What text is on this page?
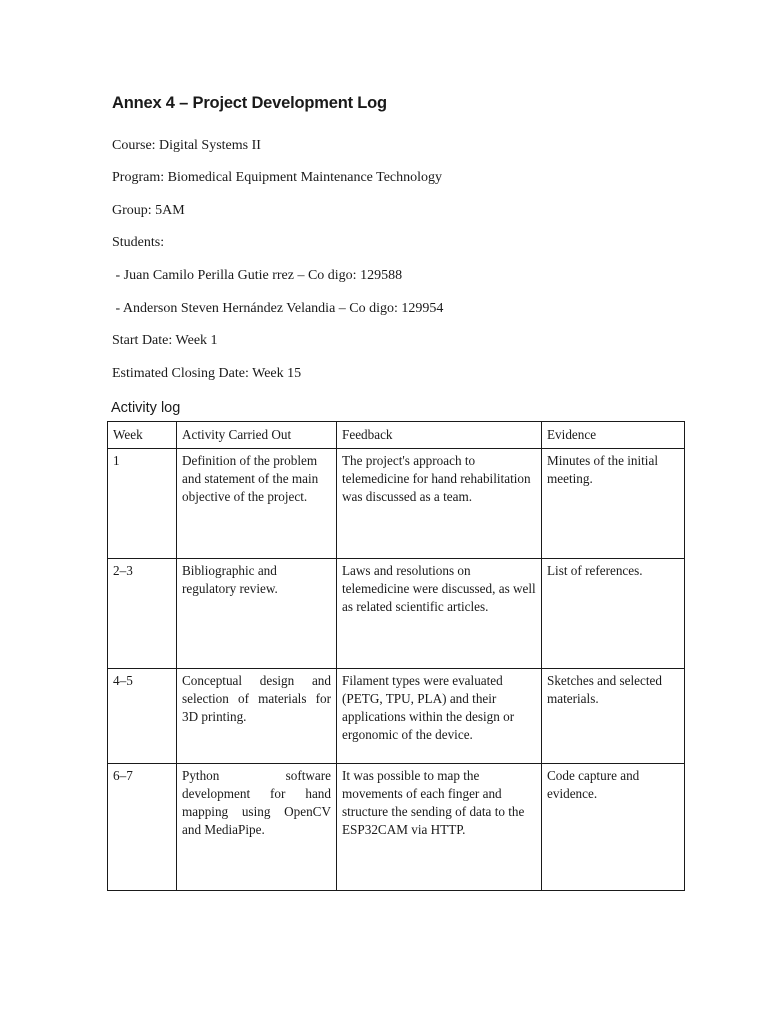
Annex 4 – Project Development Log
Course: Digital Systems II
Program: Biomedical Equipment Maintenance Technology
Group: 5AM
Students:
- Juan Camilo Perilla Gutie rrez – Co digo: 129588
- Anderson Steven Hernández Velandia – Co digo: 129954
Start Date: Week 1
Estimated Closing Date: Week 15
Activity log
Week	Activity Carried Out	Feedback	Evidence
1	Definition of the problem and statement of the main objective of the project.	The project's approach to telemedicine for hand rehabilitation was discussed as a team.	Minutes of the initial meeting.
2–3	Bibliographic and regulatory review.	Laws and resolutions on telemedicine were discussed, as well as related scientific articles.	List of references.
4–5	Conceptual design and selection of materials for 3D printing.	Filament types were evaluated (PETG, TPU, PLA) and their applications within the design or ergonomic of the device.	Sketches and selected materials.
6–7	Python software development for hand mapping using OpenCV and MediaPipe.	It was possible to map the movements of each finger and structure the sending of data to the ESP32CAM via HTTP.	Code capture and evidence.
